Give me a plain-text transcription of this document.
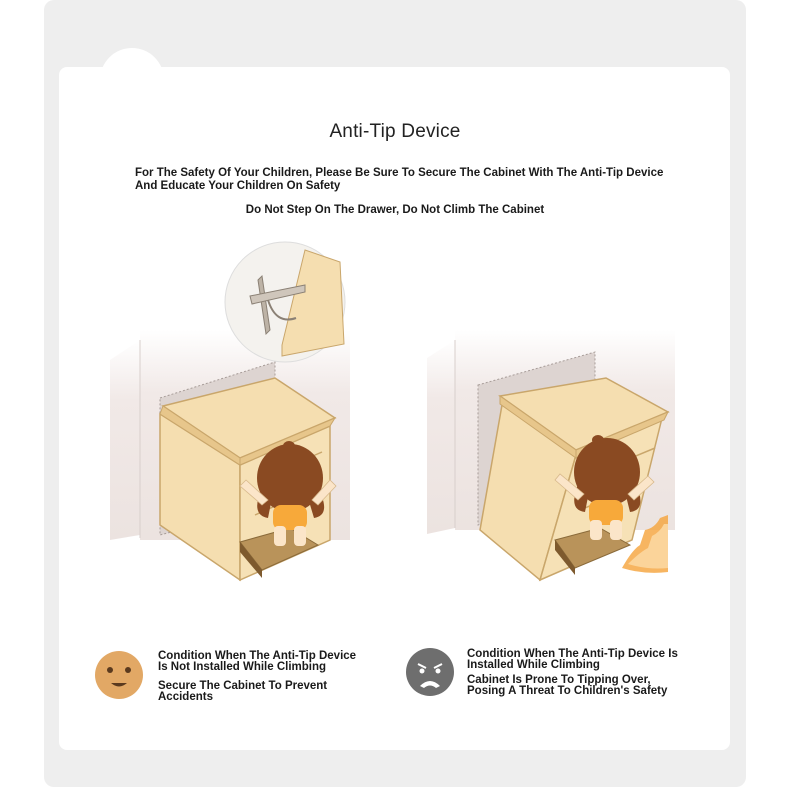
Anti-Tip Device
For The Safety Of Your Children, Please Be Sure To Secure The Cabinet With The Anti-Tip Device
And Educate Your Children On Safety
Do Not Step On The Drawer, Do Not Climb The Cabinet

Condition When The Anti-Tip Device

Is Not Installed While Climbing

Secure The Cabinet To Prevent

Accidents

Condition When The Anti-Tip Device Is

Installed While Climbing

Cabinet Is Prone To Tipping Over,

Posing A Threat To Children's Safety
